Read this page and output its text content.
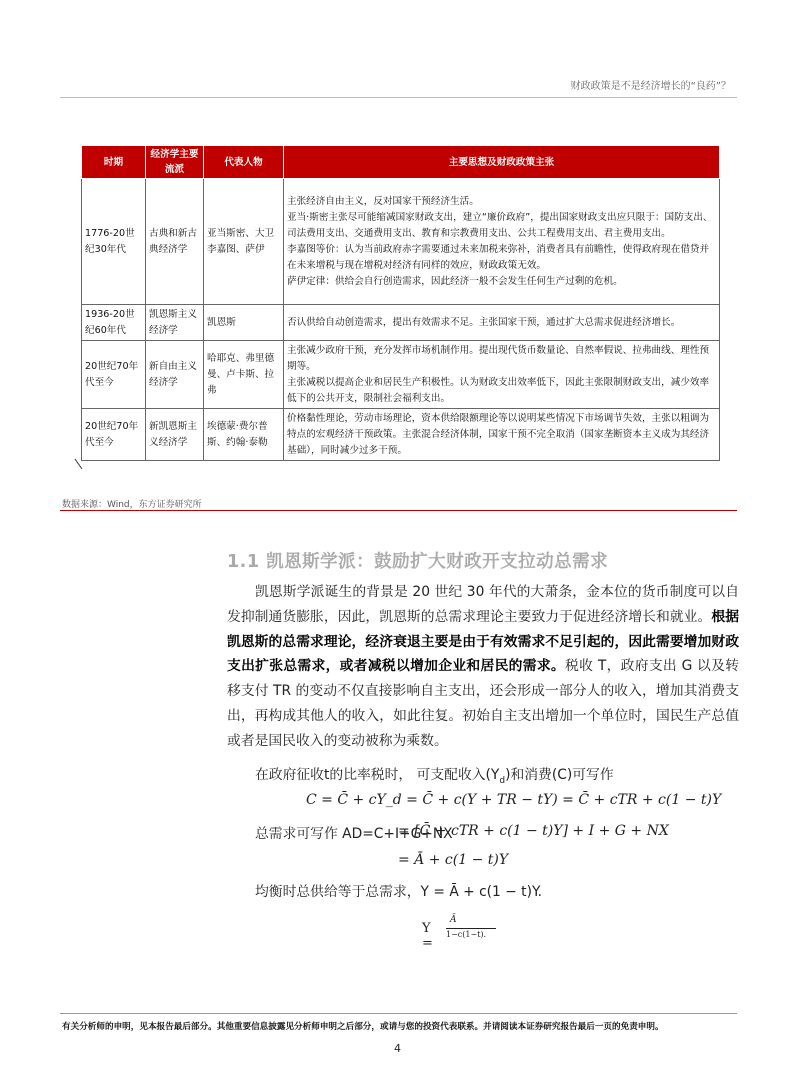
财政政策是不是经济增长的“良药”？
时期	经济学主要流派	代表人物	主要思想及财政政策主张
1776-20世纪30年代	古典和新古典经济学	亚当斯密、大卫李嘉图、萨伊	主张经济自由主义，反对国家干预经济生活。

亚当·斯密主张尽可能缩减国家财政支出，建立“廉价政府”，提出国家财政支出应只限于：国防支出、司法费用支出、交通费用支出、教育和宗教费用支出、公共工程费用支出、君主费用支出。

李嘉图等价：认为当前政府赤字需要通过未来加税来弥补，消费者具有前瞻性，使得政府现在借贷并在未来增税与现在增税对经济有同样的效应，财政政策无效。

萨伊定律：供给会自行创造需求，因此经济一般不会发生任何生产过剩的危机。

1936-20世纪60年代	凯恩斯主义经济学	凯恩斯	否认供给自动创造需求，提出有效需求不足。主张国家干预，通过扩大总需求促进经济增长。

20世纪70年代至今	新自由主义经济学	哈耶克、弗里德曼、卢卡斯、拉弗	主张减少政府干预，充分发挥市场机制作用。提出现代货币数量论、自然率假说、拉弗曲线、理性预期等。

主张减税以提高企业和居民生产积极性。认为财政支出效率低下，因此主张限制财政支出，减少效率低下的公共开支，限制社会福利支出。

20世纪70年代至今	新凯恩斯主义经济学	埃德蒙·费尔普斯、约翰·泰勒	价格黏性理论，劳动市场理论，资本供给限额理论等以说明某些情况下市场调节失效，主张以粗调为特点的宏观经济干预政策。主张混合经济体制，国家干预不完全取消（国家垄断资本主义成为其经济基础），同时减少过多干预。

数据来源：Wind，东方证券研究所
1.1 凯恩斯学派：鼓励扩大财政开支拉动总需求

凯恩斯学派诞生的背景是 20 世纪 30 年代的大萧条，金本位的货币制度可以自发抑制通货膨胀，因此，凯恩斯的总需求理论主要致力于促进经济增长和就业。根据凯恩斯的总需求理论，经济衰退主要是由于有效需求不足引起的，因此需要增加财政支出扩张总需求，或者减税以增加企业和居民的需求。税收 T，政府支出 G 以及转移支付 TR 的变动不仅直接影响自主支出，还会形成一部分人的收入，增加其消费支出，再构成其他人的收入，如此往复。初始自主支出增加一个单位时，国民生产总值或者是国民收入的变动被称为乘数。

在政府征收t的比率税时， 可支配收入$(Y_d)$和消费(C)可写作
C = C̄ + cY_d = C̄ + c(Y + TR − tY) = C̄ + cTR + c(1 − t)Y
总需求可写作 AD=C+I+G+NX
= [C̄ + cTR + c(1 − t)Y] + I + G + NX
= Ā + c(1 − t)Y
均衡时总供给等于总需求，Y = Ā + c(1 − t)Y.
Y =
Ā
1−c(1−t).
有关分析师的申明，见本报告最后部分。其他重要信息披露见分析师申明之后部分，或请与您的投资代表联系。并请阅读本证券研究报告最后一页的免责申明。
4
